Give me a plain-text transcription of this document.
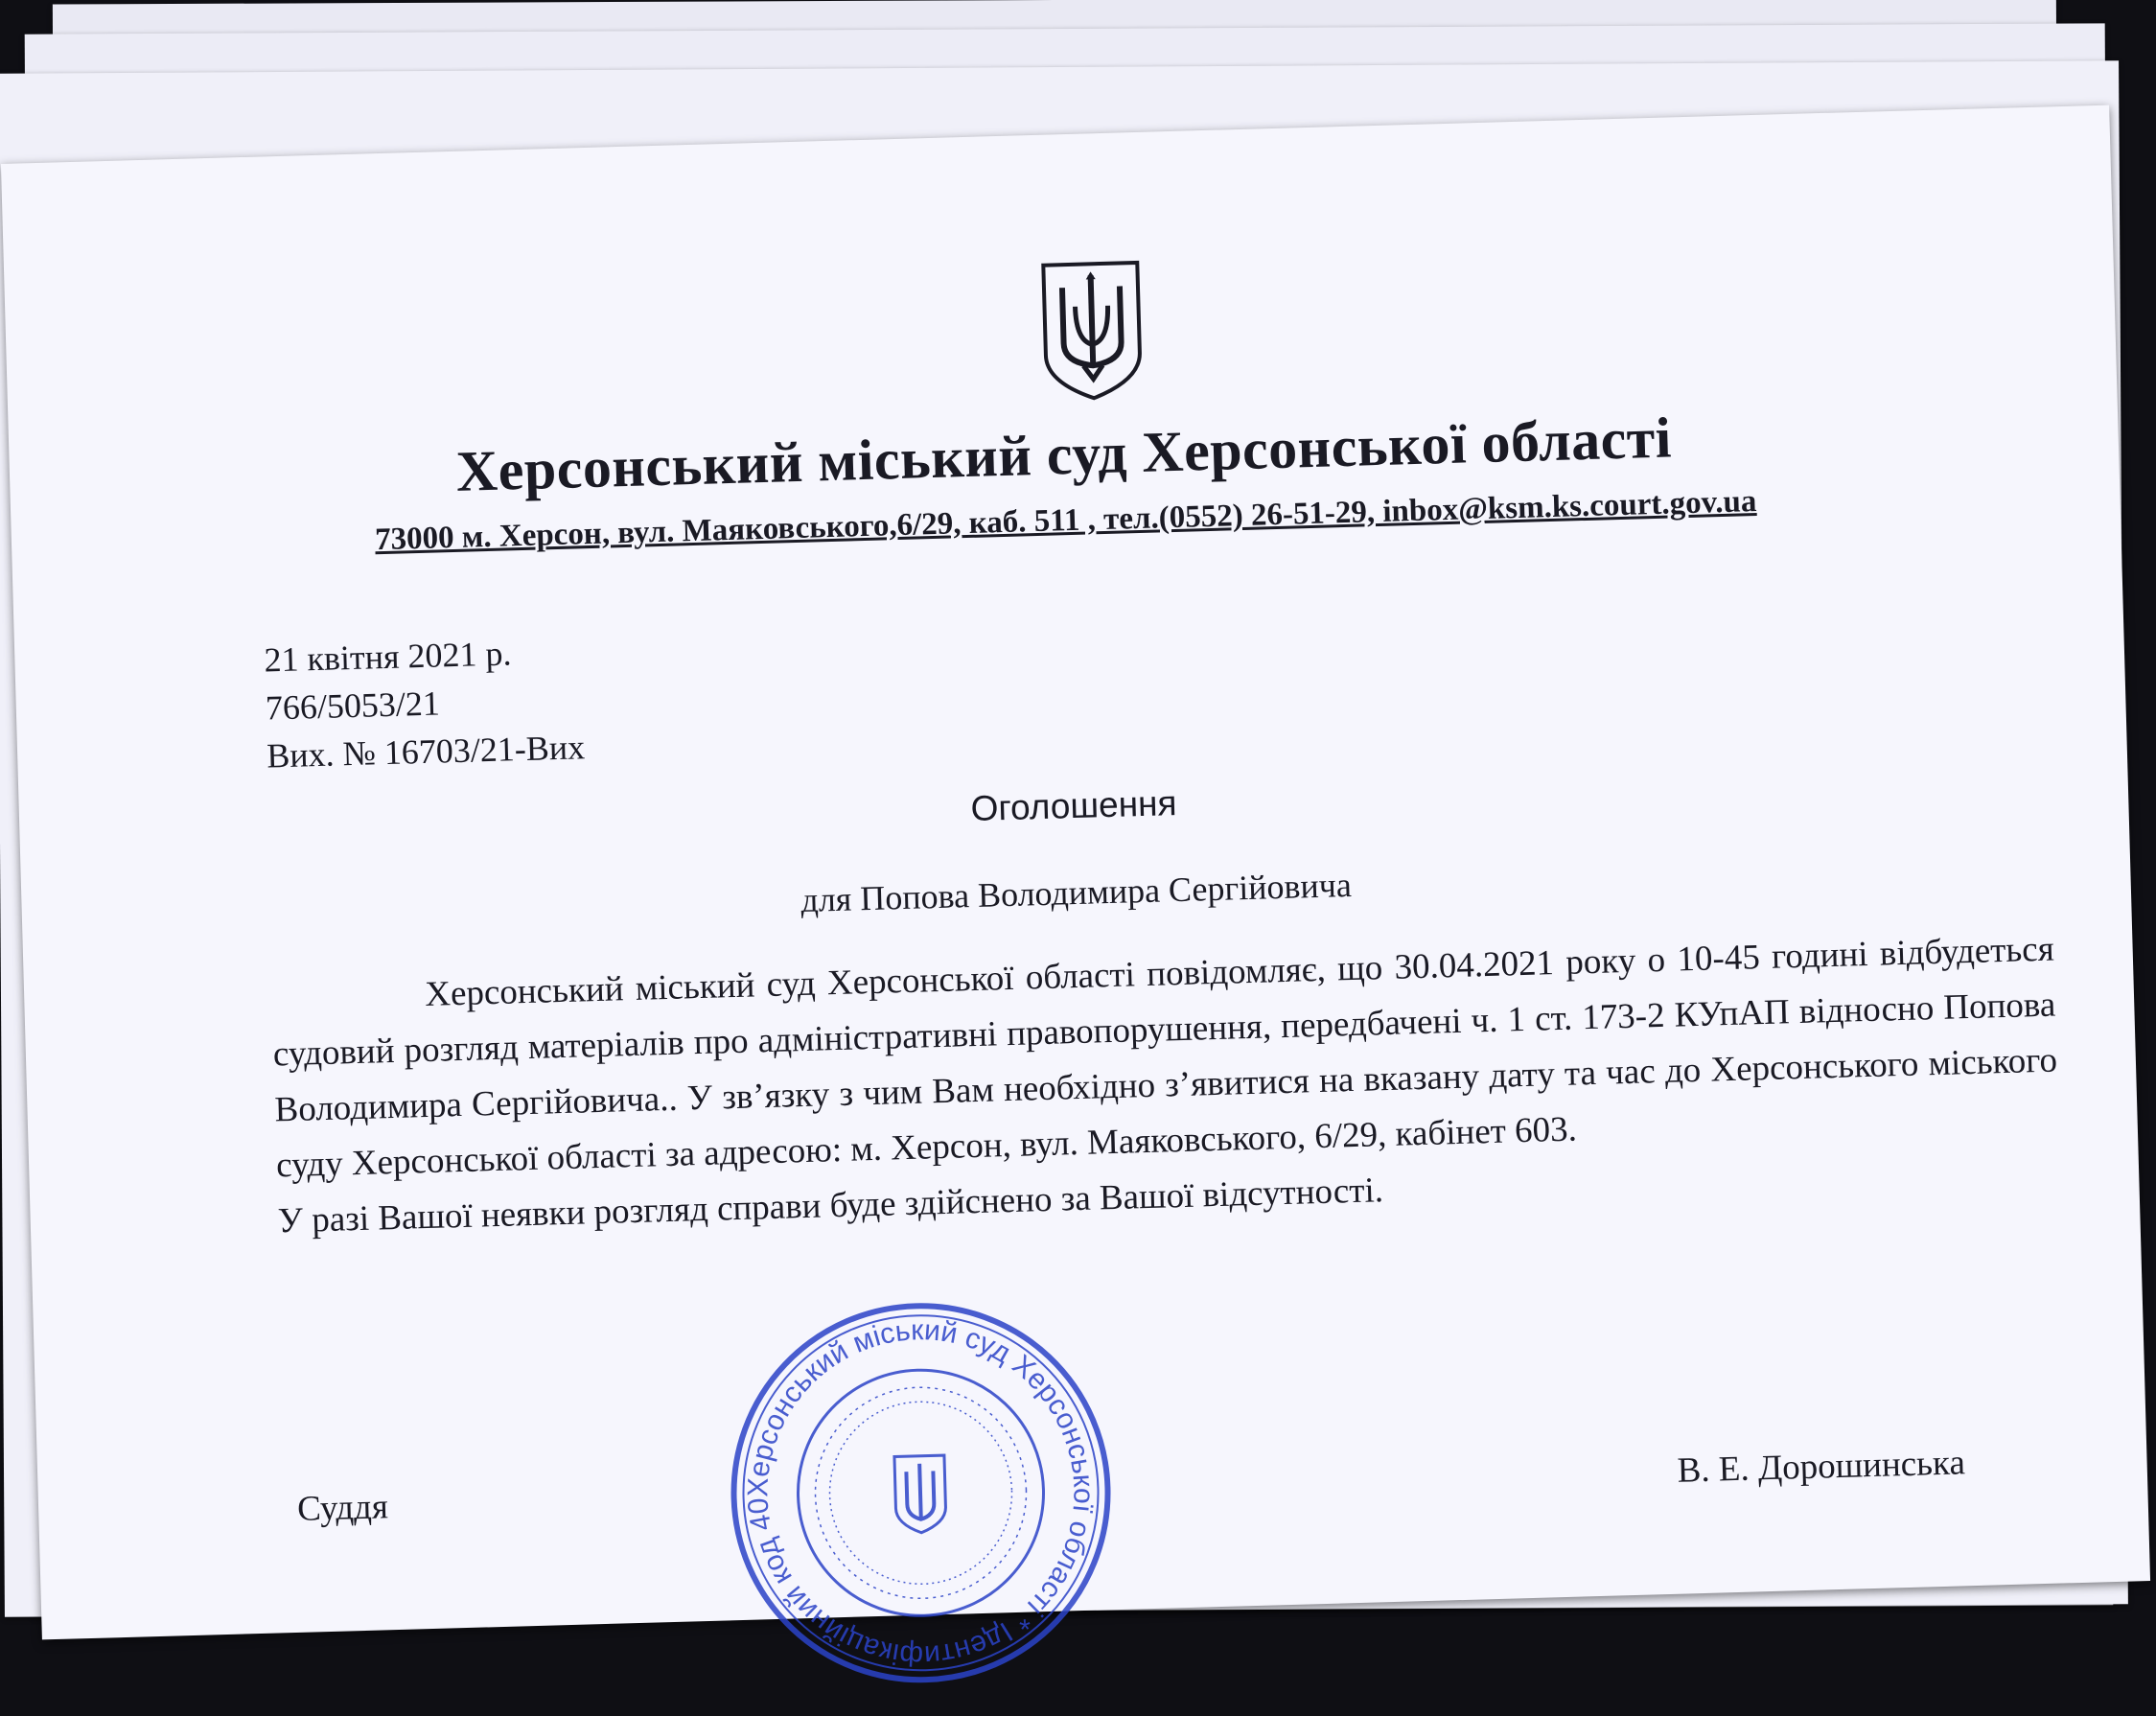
Херсонський міський суд Херсонської області
73000 м. Херсон, вул. Маяковського,6/29, каб. 511 , тел.(0552) 26-51-29, inbox@ksm.ks.court.gov.ua
21 квітня 2021 р.
766/5053/21
Вих. № 16703/21-Вих
Оголошення
для Попова Володимира Сергійовича

Херсонський міський суд Херсонської області повідомляє, що 30.04.2021 року о 10-45 годині відбудеться судовий розгляд матеріалів про адміністративні правопорушення, передбачені ч. 1 ст. 173-2 КУпАП відносно Попова Володимира Сергійовича.. У зв’язку з чим Вам необхідно з’явитися на вказану дату та час до Херсонського міського суду Херсонської області за адресою: м. Херсон, вул. Маяковського, 6/29, кабінет 603.

У разі Вашої неявки розгляд справи буде здійснено за Вашої відсутності.

Суддя
В. Е. Дорошинська
Херсонський міський суд Херсонської області * Ідентифікаційний код 40366980 * Україна *
